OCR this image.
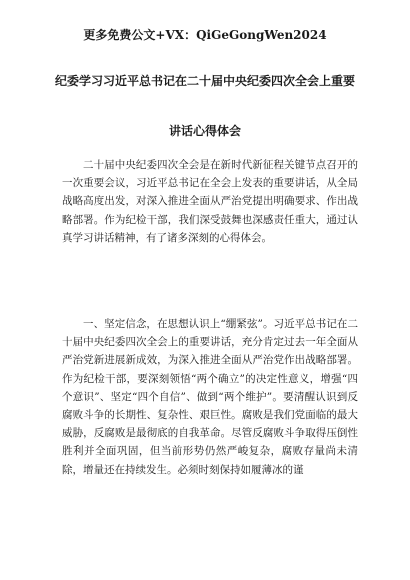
更多免费公文+VX：QiGeGongWen2024
纪委学习习近平总书记在二十届中央纪委四次全会上重要
讲话心得体会

二十届中央纪委四次全会是在新时代新征程关键节点召开的一次重要会议，习近平总书记在全会上发表的重要讲话，从全局战略高度出发，对深入推进全面从严治党提出明确要求、作出战略部署。作为纪检干部，我们深受鼓舞也深感责任重大，通过认真学习讲话精神，有了诸多深刻的心得体会。

一、坚定信念，在思想认识上“绷紧弦”。习近平总书记在二十届中央纪委四次全会上的重要讲话，充分肯定过去一年全面从严治党新进展新成效，为深入推进全面从严治党作出战略部署。作为纪检干部，要深刻领悟“两个确立”的决定性意义，增强“四个意识”、坚定“四个自信”、做到“两个维护”。要清醒认识到反腐败斗争的长期性、复杂性、艰巨性。腐败是我们党面临的最大威胁，反腐败是最彻底的自我革命。尽管反腐败斗争取得压倒性胜利并全面巩固，但当前形势仍然严峻复杂，腐败存量尚未清除，增量还在持续发生。必须时刻保持如履薄冰的谨
